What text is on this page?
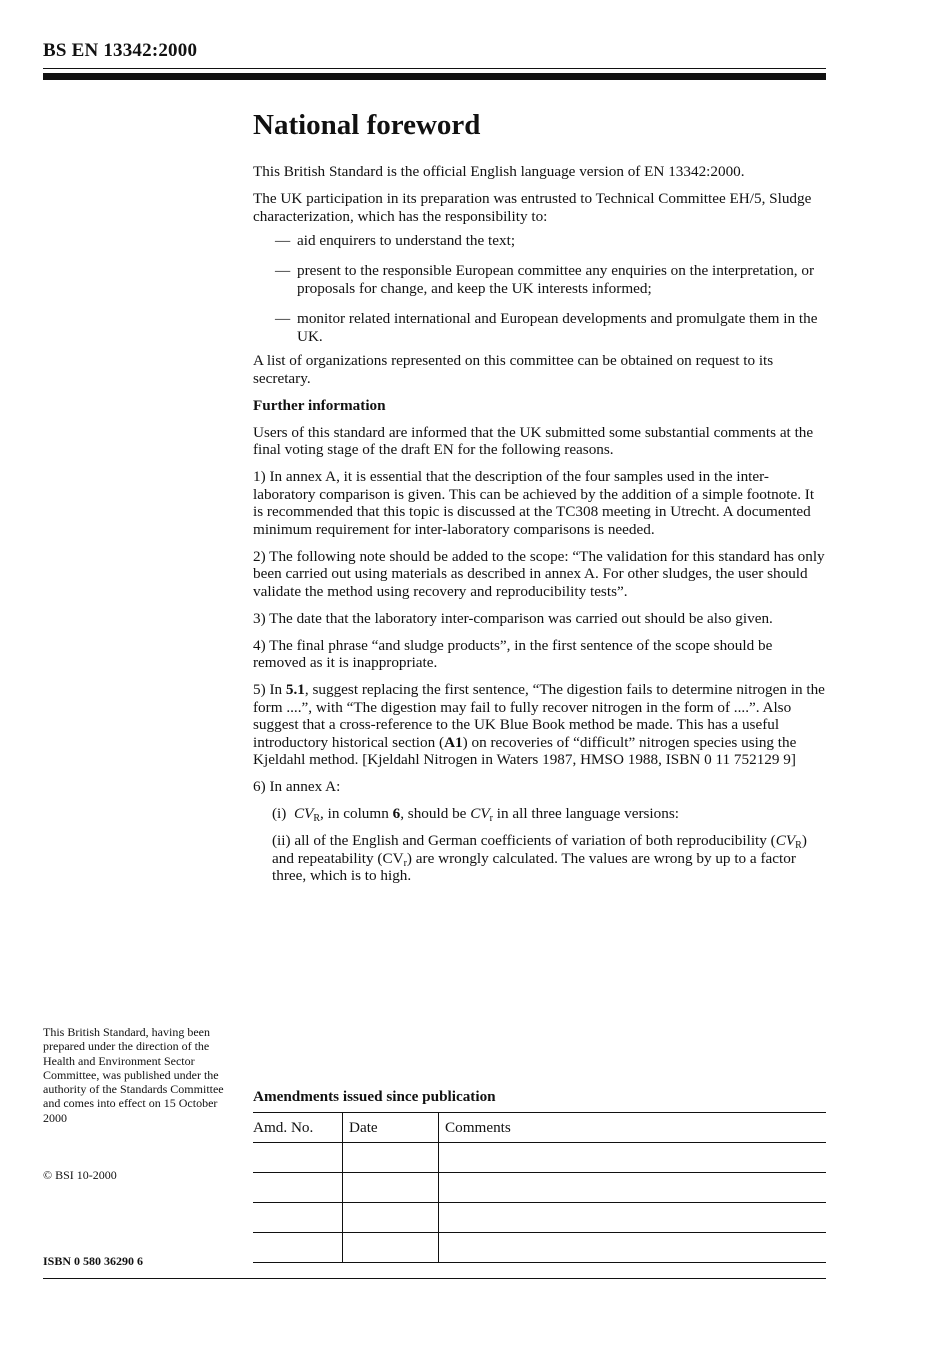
BS EN 13342:2000
National foreword

This British Standard is the official English language version of EN 13342:2000.

The UK participation in its preparation was entrusted to Technical Committee EH/5, Sludge characterization, which has the responsibility to:

— aid enquirers to understand the text;
— present to the responsible European committee any enquiries on the interpretation, or proposals for change, and keep the UK interests informed;
— monitor related international and European developments and promulgate them in the UK.

A list of organizations represented on this committee can be obtained on request to its secretary.

Further information

Users of this standard are informed that the UK submitted some substantial comments at the final voting stage of the draft EN for the following reasons.

1) In annex A, it is essential that the description of the four samples used in the inter-laboratory comparison is given. This can be achieved by the addition of a simple footnote. It is recommended that this topic is discussed at the TC308 meeting in Utrecht. A documented minimum requirement for inter-laboratory comparisons is needed.

2) The following note should be added to the scope: “The validation for this standard has only been carried out using materials as described in annex A. For other sludges, the user should validate the method using recovery and reproducibility tests”.

3) The date that the laboratory inter-comparison was carried out should be also given.

4) The final phrase “and sludge products”, in the first sentence of the scope should be removed as it is inappropriate.

5) In 5.1, suggest replacing the first sentence, “The digestion fails to determine nitrogen in the form ....”, with “The digestion may fail to fully recover nitrogen in the form of ....”. Also suggest that a cross-reference to the UK Blue Book method be made. This has a useful introductory historical section (A1) on recoveries of “difficult” nitrogen species using the Kjeldahl method. [Kjeldahl Nitrogen in Waters 1987, HMSO 1988, ISBN 0 11 752129 9]

6) In annex A:

(i) $CV_R$, in column 6, should be $CV_r$ in all three language versions:

(ii) all of the English and German coefficients of variation of both reproducibility $(CV_R)$ and repeatability $(CV_r)$ are wrongly calculated. The values are wrong by up to a factor three, which is to high.

This British Standard, having been prepared under the direction of the Health and Environment Sector Committee, was published under the authority of the Standards Committee and comes into effect on 15 October 2000
© BSI 10-2000
ISBN 0 580 36290 6
Amendments issued since publication
Amd. No.	Date	Comments
